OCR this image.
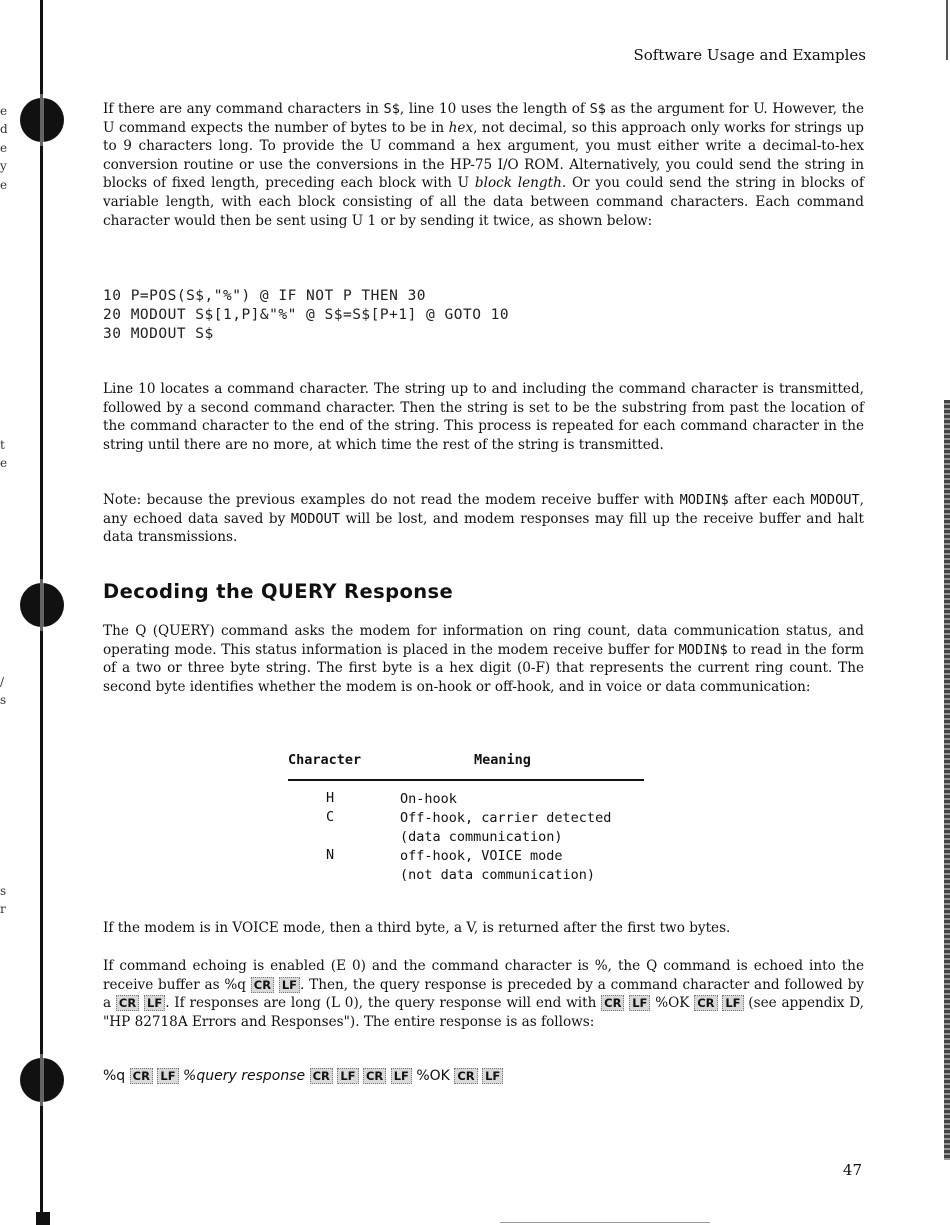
e
d
e
y
e
t
e
/
s
s
r
Software Usage and Examples

If there are any command characters in S$, line 10 uses the length of S$ as the argument for U. However, the U command expects the number of bytes to be in hex, not decimal, so this approach only works for strings up to 9 characters long. To provide the U command a hex argument, you must either write a decimal-to-hex conversion routine or use the conversions in the HP-75 I/O ROM. Alternatively, you could send the string in blocks of fixed length, preceding each block with U block length. Or you could send the string in blocks of variable length, with each block consisting of all the data between command characters. Each command character would then be sent using U 1 or by sending it twice, as shown below:

10 P=POS(S$,"%") @ IF NOT P THEN 30
20 MODOUT S$[1,P]&"%" @ S$=S$[P+1] @ GOTO 10
30 MODOUT S$

Line 10 locates a command character. The string up to and including the command character is transmitted, followed by a second command character. Then the string is set to be the substring from past the location of the command character to the end of the string. This process is repeated for each command character in the string until there are no more, at which time the rest of the string is transmitted.

Note: because the previous examples do not read the modem receive buffer with MODIN$ after each MODOUT, any echoed data saved by MODOUT will be lost, and modem responses may fill up the receive buffer and halt data transmissions.

Decoding the QUERY Response

The Q (QUERY) command asks the modem for information on ring count, data communication status, and operating mode. This status information is placed in the modem receive buffer for MODIN$ to read in the form of a two or three byte string. The first byte is a hex digit (0-F) that represents the current ring count. The second byte identifies whether the modem is on-hook or off-hook, and in voice or data communication:

Character	Meaning
H	On-hook
C	Off-hook, carrier detected
(data communication)
N	off-hook, VOICE mode
(not data communication)

If the modem is in VOICE mode, then a third byte, a V, is returned after the first two bytes.

If command echoing is enabled (E 0) and the command character is %, the Q command is echoed into the receive buffer as %q CR LF . Then, the query response is preceded by a command character and followed by a CR LF . If responses are long (L 0), the query response will end with CR LF %OK CR LF (see appendix D, "HP 82718A Errors and Responses"). The entire response is as follows:

%q CR LF %query response CR LF CR LF %OK CR LF
47
